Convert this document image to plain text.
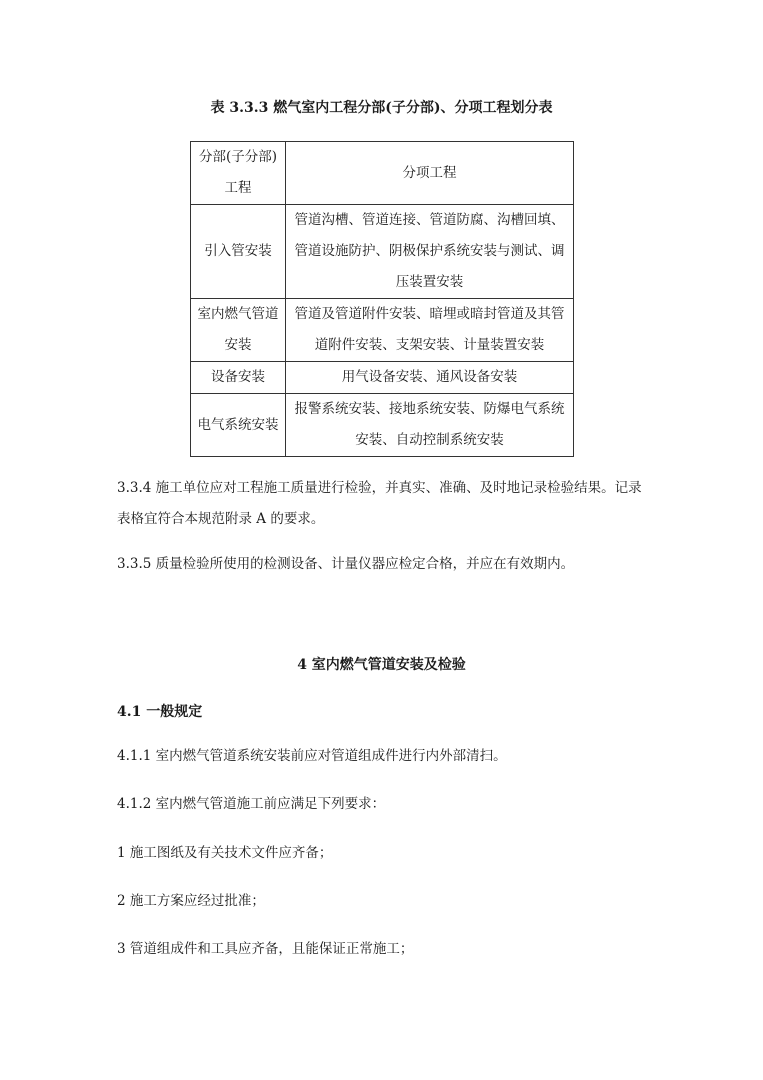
表 3.3.3 燃气室内工程分部(子分部)、分项工程划分表
分部(子分部)工程	分项工程
引入管安装	管道沟槽、管道连接、管道防腐、沟槽回填、管道设施防护、阴极保护系统安装与测试、调压装置安装
室内燃气管道安装	管道及管道附件安装、暗埋或暗封管道及其管道附件安装、支架安装、计量装置安装
设备安装	用气设备安装、通风设备安装
电气系统安装	报警系统安装、接地系统安装、防爆电气系统安装、自动控制系统安装
3.3.4 施工单位应对工程施工质量进行检验，并真实、准确、及时地记录检验结果。记录表格宜符合本规范附录 A 的要求。
3.3.5 质量检验所使用的检测设备、计量仪器应检定合格，并应在有效期内。
4 室内燃气管道安装及检验
4.1 一般规定
4.1.1 室内燃气管道系统安装前应对管道组成件进行内外部清扫。
4.1.2 室内燃气管道施工前应满足下列要求：
1 施工图纸及有关技术文件应齐备；
2 施工方案应经过批准；
3 管道组成件和工具应齐备，且能保证正常施工；
